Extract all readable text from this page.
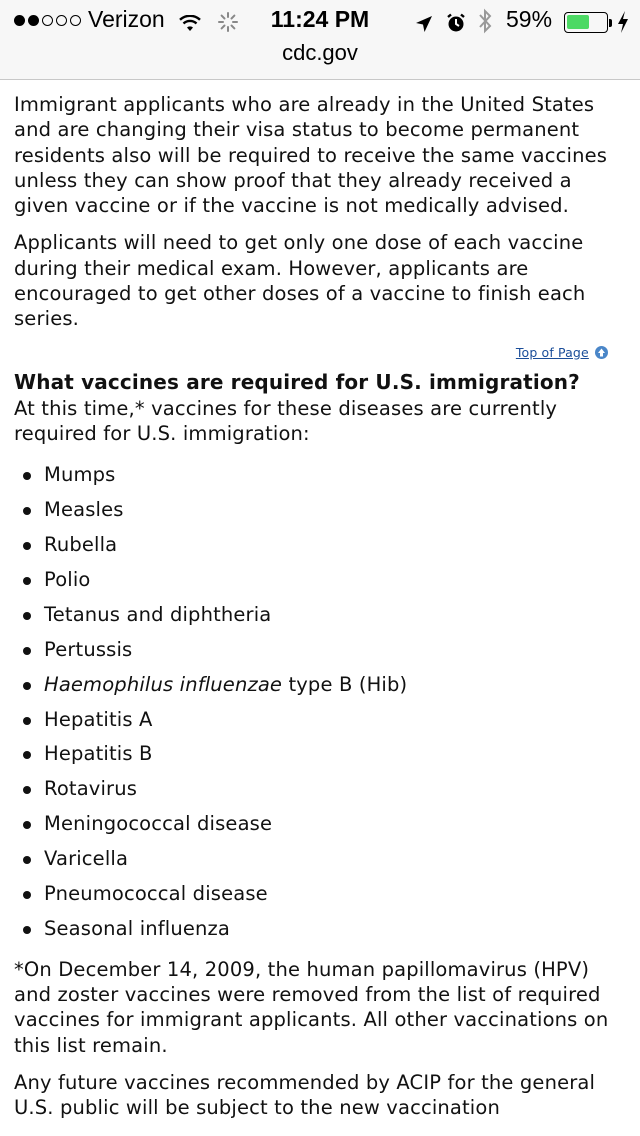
Verizon	11:24 PM	59%
cdc.gov

Immigrant applicants who are already in the United States and are changing their visa status to become permanent residents also will be required to receive the same vaccines unless they can show proof that they already received a given vaccine or if the vaccine is not medically advised.

Applicants will need to get only one dose of each vaccine during their medical exam. However, applicants are encouraged to get other doses of a vaccine to finish each series.

Top of Page
What vaccines are required for U.S. immigration?

At this time,* vaccines for these diseases are currently required for U.S. immigration:

Mumps
Measles
Rubella
Polio
Tetanus and diphtheria
Pertussis
Haemophilus influenzae type B (Hib)
Hepatitis A
Hepatitis B
Rotavirus
Meningococcal disease
Varicella
Pneumococcal disease
Seasonal influenza

*On December 14, 2009, the human papillomavirus (HPV) and zoster vaccines were removed from the list of required vaccines for immigrant applicants. All other vaccinations on this list remain.

Any future vaccines recommended by ACIP for the general U.S. public will be subject to the new vaccination
